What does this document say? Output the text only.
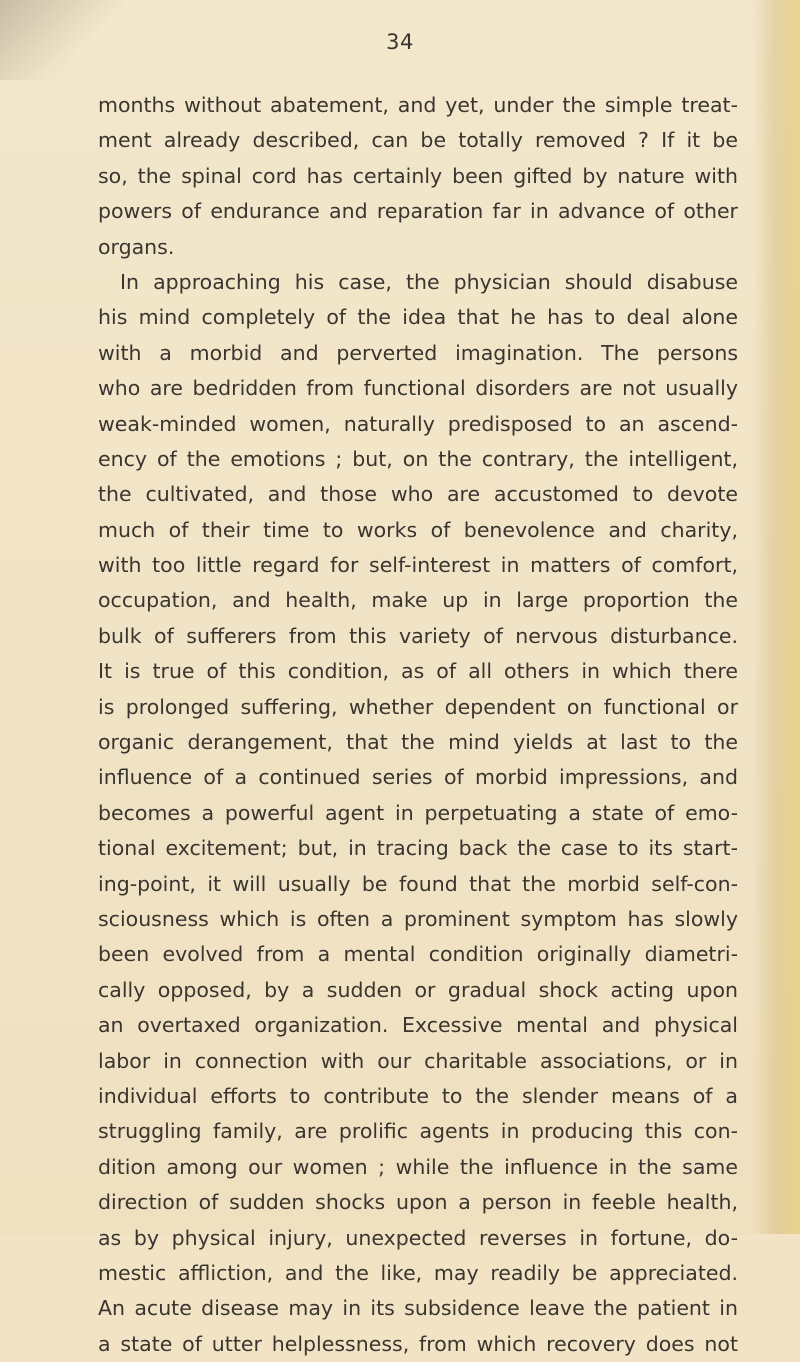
34
months without abatement, and yet, under the simple treat-
ment already described, can be totally removed ? If it be
so, the spinal cord has certainly been gifted by nature with
powers of endurance and reparation far in advance of other
organs.
In approaching his case, the physician should disabuse
his mind completely of the idea that he has to deal alone
with a morbid and perverted imagination. The persons
who are bedridden from functional disorders are not usually
weak-minded women, naturally predisposed to an ascend-
ency of the emotions ; but, on the contrary, the intelligent,
the cultivated, and those who are accustomed to devote
much of their time to works of benevolence and charity,
with too little regard for self-interest in matters of comfort,
occupation, and health, make up in large proportion the
bulk of sufferers from this variety of nervous disturbance.
It is true of this condition, as of all others in which there
is prolonged suffering, whether dependent on functional or
organic derangement, that the mind yields at last to the
influence of a continued series of morbid impressions, and
becomes a powerful agent in perpetuating a state of emo-
tional excitement; but, in tracing back the case to its start-
ing-point, it will usually be found that the morbid self-con-
sciousness which is often a prominent symptom has slowly
been evolved from a mental condition originally diametri-
cally opposed, by a sudden or gradual shock acting upon
an overtaxed organization. Excessive mental and physical
labor in connection with our charitable associations, or in
individual efforts to contribute to the slender means of a
struggling family, are prolific agents in producing this con-
dition among our women ; while the influence in the same
direction of sudden shocks upon a person in feeble health,
as by physical injury, unexpected reverses in fortune, do-
mestic affliction, and the like, may readily be appreciated.
An acute disease may in its subsidence leave the patient in
a state of utter helplessness, from which recovery does not
